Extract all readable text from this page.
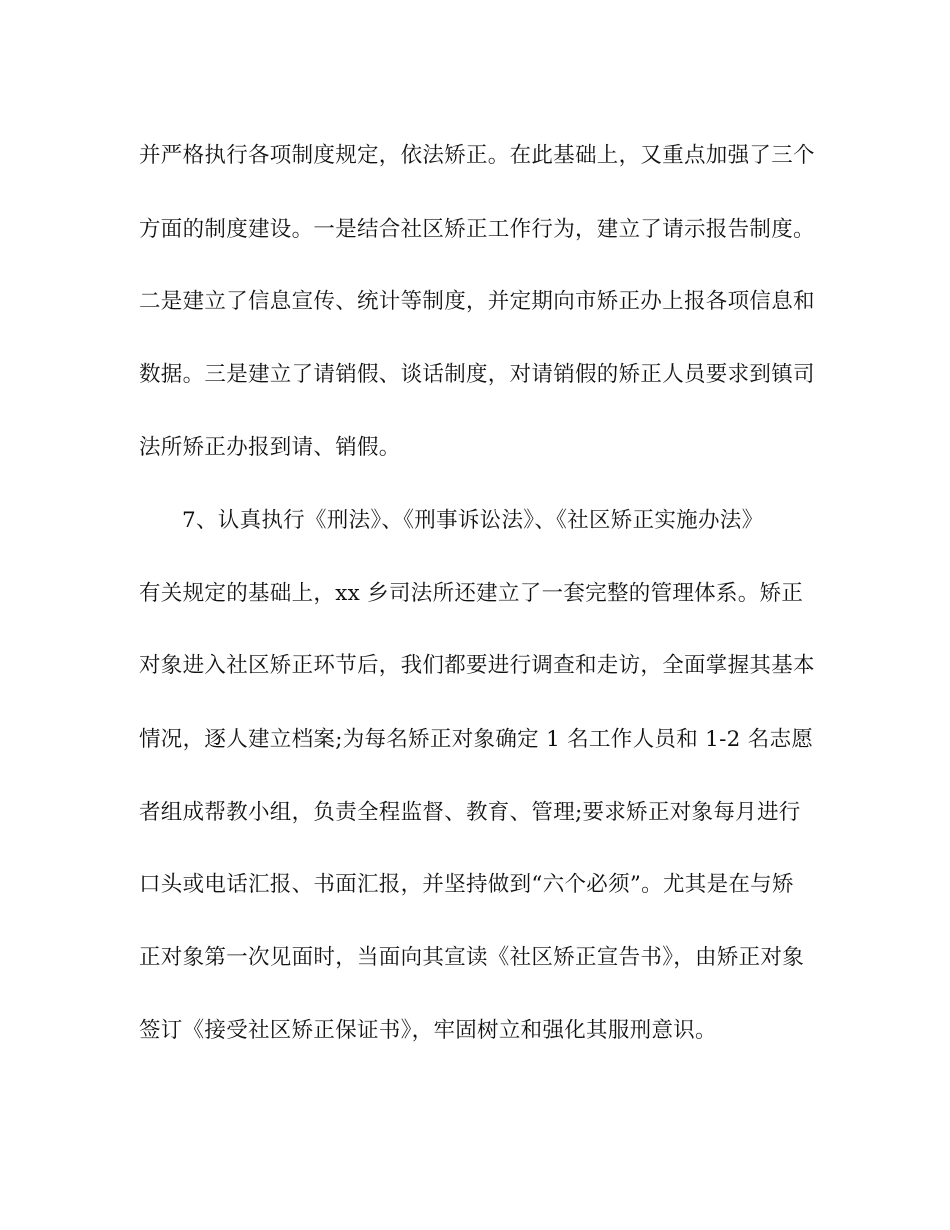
并严格执行各项制度规定，依法矫正。在此基础上，又重点加强了三个
方面的制度建设。一是结合社区矫正工作行为，建立了请示报告制度。
二是建立了信息宣传、统计等制度，并定期向市矫正办上报各项信息和
数据。三是建立了请销假、谈话制度，对请销假的矫正人员要求到镇司
法所矫正办报到请、销假。
7、认真执行《刑法》、《刑事诉讼法》、《社区矫正实施办法》
有关规定的基础上，xx 乡司法所还建立了一套完整的管理体系。矫正
对象进入社区矫正环节后，我们都要进行调查和走访，全面掌握其基本
情况，逐人建立档案;为每名矫正对象确定 1 名工作人员和 1-2 名志愿
者组成帮教小组，负责全程监督、教育、管理;要求矫正对象每月进行
口头或电话汇报、书面汇报，并坚持做到“六个必须”。尤其是在与矫
正对象第一次见面时，当面向其宣读《社区矫正宣告书》，由矫正对象
签订《接受社区矫正保证书》，牢固树立和强化其服刑意识。
